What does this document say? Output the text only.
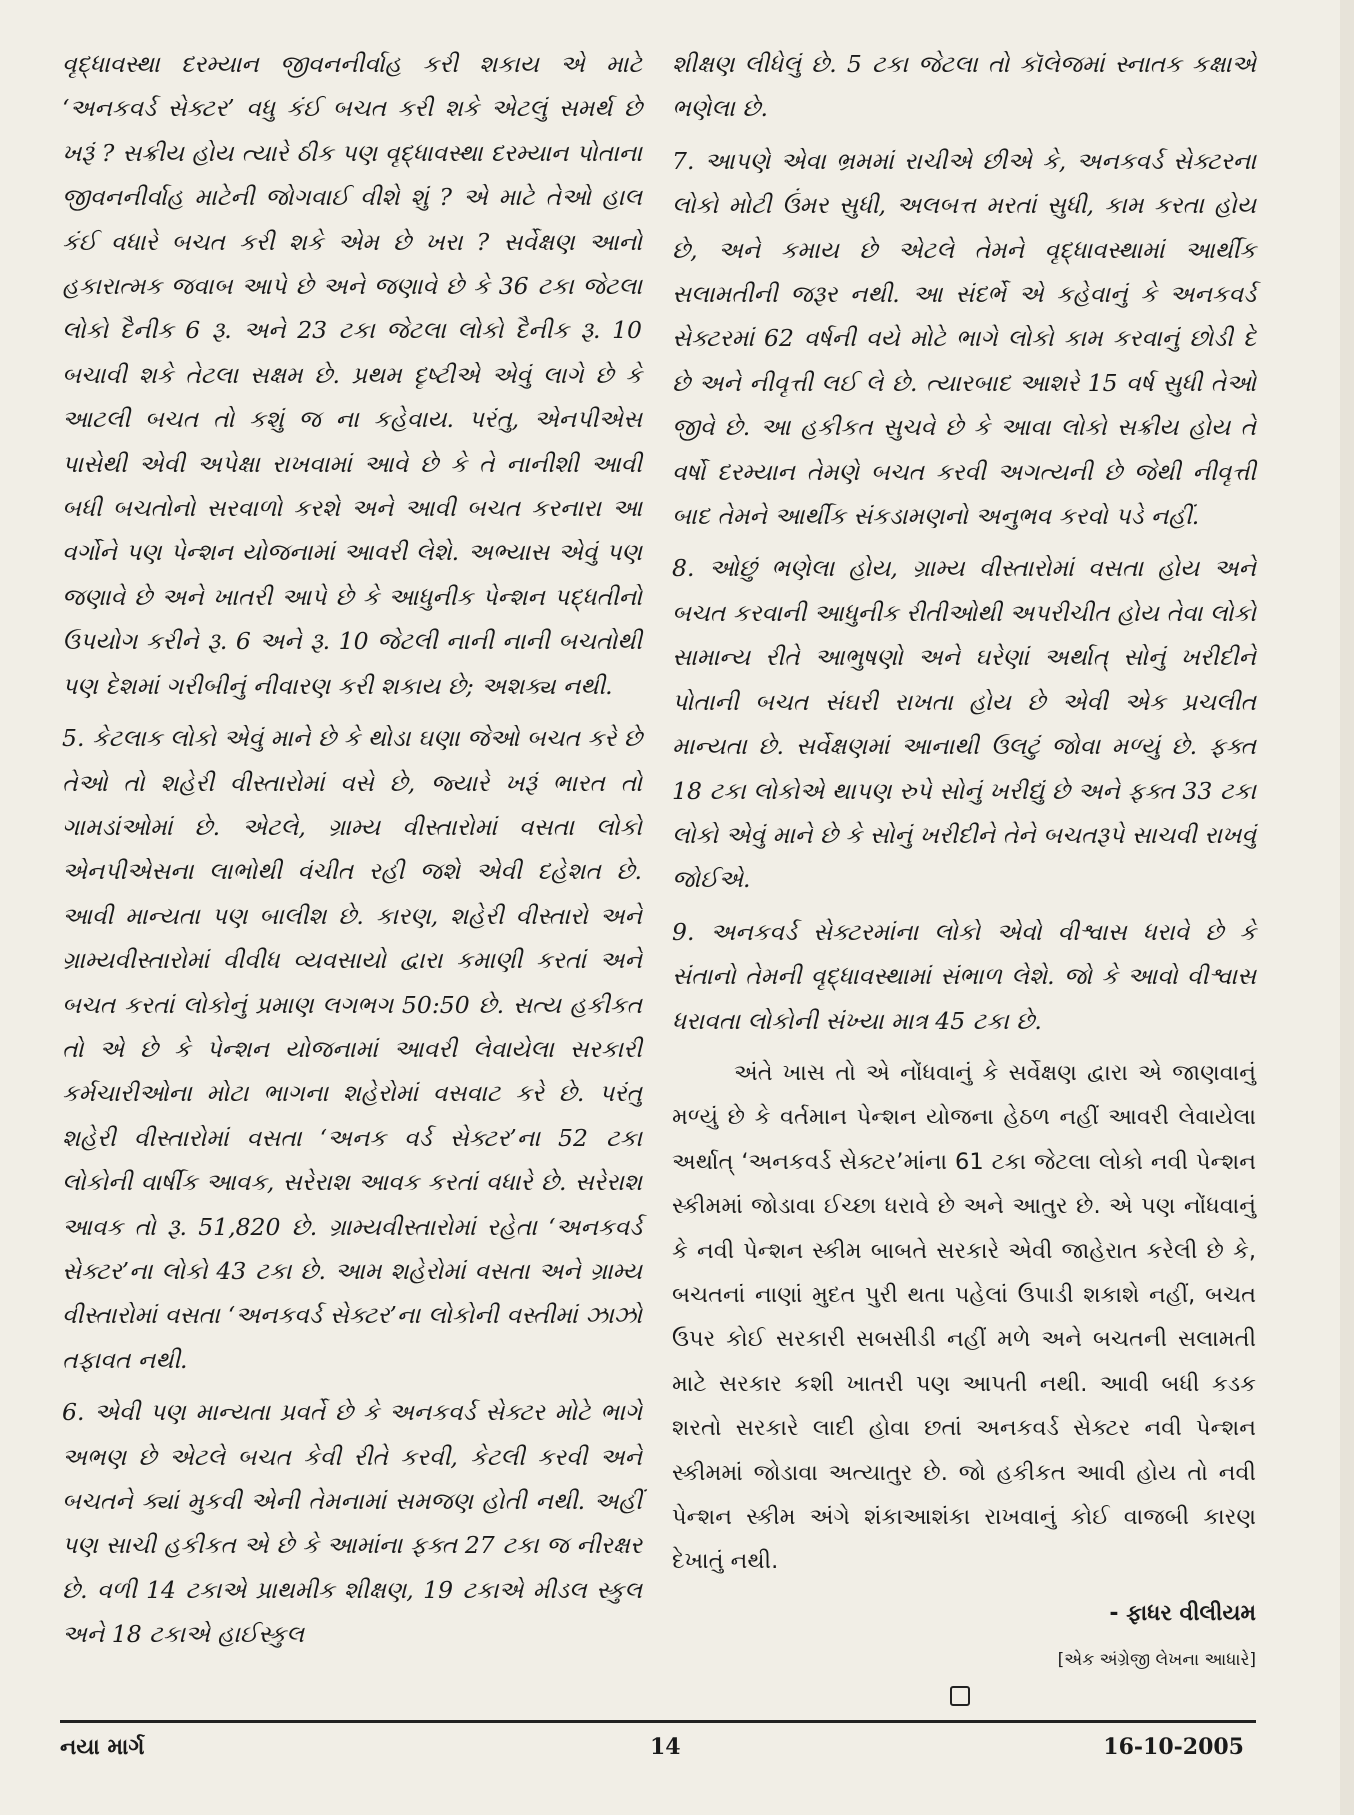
વૃદ્ધાવસ્થા દરમ્યાન જીવનનીર્વાહ કરી શકાય એ માટે ‘અનકવર્ડ સેક્ટર’ વધુ કંઈ બચત કરી શકે એટલું સમર્થ છે ખરૂં ? સક્રીય હોય ત્યારે ઠીક પણ વૃદ્ધાવસ્થા દરમ્યાન પોતાના જીવનનીર્વાહ માટેની જોગવાઈ વીશે શું ? એ માટે તેઓ હાલ કંઈ વધારે બચત કરી શકે એમ છે ખરા ? સર્વેક્ષણ આનો હકારાત્મક જવાબ આપે છે અને જણાવે છે કે 36 ટકા જેટલા લોકો દૈનીક 6 રૂ. અને 23 ટકા જેટલા લોકો દૈનીક રૂ. 10 બચાવી શકે તેટલા સક્ષમ છે. પ્રથમ દૃષ્ટીએ એવું લાગે છે કે આટલી બચત તો કશું જ ના કહેવાય. પરંતુ, એનપીએસ પાસેથી એવી અપેક્ષા રાખવામાં આવે છે કે તે નાનીશી આવી બધી બચતોનો સરવાળો કરશે અને આવી બચત કરનારા આ વર્ગોને પણ પેન્શન યોજનામાં આવરી લેશે. અભ્યાસ એવું પણ જણાવે છે અને ખાતરી આપે છે કે આધુનીક પેન્શન પદ્ધતીનો ઉપયોગ કરીને રૂ. 6 અને રૂ. 10 જેટલી નાની નાની બચતોથી પણ દેશમાં ગરીબીનું નીવારણ કરી શકાય છે; અશક્ય નથી.

5. કેટલાક લોકો એવું માને છે કે થોડા ઘણા જેઓ બચત કરે છે તેઓ તો શહેરી વીસ્તારોમાં વસે છે, જ્યારે ખરૂં ભારત તો ગામડાંઓમાં છે. એટલે, ગ્રામ્ય વીસ્તારોમાં વસતા લોકો એનપીએસના લાભોથી વંચીત રહી જશે એવી દહેશત છે. આવી માન્યતા પણ બાલીશ છે. કારણ, શહેરી વીસ્તારો અને ગ્રામ્યવીસ્તારોમાં વીવીધ વ્યવસાયો દ્વારા કમાણી કરતાં અને બચત કરતાં લોકોનું પ્રમાણ લગભગ 50:50 છે. સત્ય હકીકત તો એ છે કે પેન્શન યોજનામાં આવરી લેવાયેલા સરકારી કર્મચારીઓના મોટા ભાગના શહેરોમાં વસવાટ કરે છે. પરંતુ શહેરી વીસ્તારોમાં વસતા ‘અનક વર્ડ સેક્ટર’ના 52 ટકા લોકોની વાર્ષીક આવક, સરેરાશ આવક કરતાં વધારે છે. સરેરાશ આવક તો રૂ. 51,820 છે. ગ્રામ્યવીસ્તારોમાં રહેતા ‘અનકવર્ડ સેક્ટર’ના લોકો 43 ટકા છે. આમ શહેરોમાં વસતા અને ગ્રામ્ય વીસ્તારોમાં વસતા ‘અનકવર્ડ સેક્ટર’ના લોકોની વસ્તીમાં ઝાઝો તફાવત નથી.

6. એવી પણ માન્યતા પ્રવર્તે છે કે અનકવર્ડ સેક્ટર મોટે ભાગે અભણ છે એટલે બચત કેવી રીતે કરવી, કેટલી કરવી અને બચતને ક્યાં મુકવી એની તેમનામાં સમજણ હોતી નથી. અહીં પણ સાચી હકીકત એ છે કે આમાંના ફક્ત 27 ટકા જ નીરક્ષર છે. વળી 14 ટકાએ પ્રાથમીક શીક્ષણ, 19 ટકાએ મીડલ સ્કુલ અને 18 ટકાએ હાઈસ્કુલ

શીક્ષણ લીધેલું છે. 5 ટકા જેટલા તો કૉલેજમાં સ્નાતક કક્ષાએ ભણેલા છે.

7. આપણે એવા ભ્રમમાં રાચીએ છીએ કે, અનકવર્ડ સેક્ટરના લોકો મોટી ઉંમર સુધી, અલબત્ત મરતાં સુધી, કામ કરતા હોય છે, અને કમાય છે એટલે તેમને વૃદ્ધાવસ્થામાં આર્થીક સલામતીની જરૂર નથી. આ સંદર્ભે એ કહેવાનું કે અનકવર્ડ સેક્ટરમાં 62 વર્ષની વયે મોટે ભાગે લોકો કામ કરવાનું છોડી દે છે અને નીવૃત્તી લઈ લે છે. ત્યારબાદ આશરે 15 વર્ષ સુધી તેઓ જીવે છે. આ હકીકત સુચવે છે કે આવા લોકો સક્રીય હોય તે વર્ષો દરમ્યાન તેમણે બચત કરવી અગત્યની છે જેથી નીવૃત્તી બાદ તેમને આર્થીક સંકડામણનો અનુભવ કરવો પડે નહીં.

8. ઓછું ભણેલા હોય, ગ્રામ્ય વીસ્તારોમાં વસતા હોય અને બચત કરવાની આધુનીક રીતીઓથી અપરીચીત હોય તેવા લોકો સામાન્ય રીતે આભુષણો અને ઘરેણાં અર્થાત્ સોનું ખરીદીને પોતાની બચત સંઘરી રાખતા હોય છે એવી એક પ્રચલીત માન્યતા છે. સર્વેક્ષણમાં આનાથી ઉલટું જોવા મળ્યું છે. ફક્ત 18 ટકા લોકોએ થાપણ રુપે સોનું ખરીદ્યું છે અને ફક્ત 33 ટકા લોકો એવું માને છે કે સોનું ખરીદીને તેને બચતરૂપે સાચવી રાખવું જોઈએ.

9. અનકવર્ડ સેક્ટરમાંના લોકો એવો વીશ્વાસ ધરાવે છે કે સંતાનો તેમની વૃદ્ધાવસ્થામાં સંભાળ લેશે. જો કે આવો વીશ્વાસ ધરાવતા લોકોની સંખ્યા માત્ર 45 ટકા છે.

અંતે ખાસ તો એ નોંધવાનું કે સર્વેક્ષણ દ્વારા એ જાણવાનું મળ્યું છે કે વર્તમાન પેન્શન યોજના હેઠળ નહીં આવરી લેવાયેલા અર્થાત્ ‘અનકવર્ડ સેક્ટર’માંના 61 ટકા જેટલા લોકો નવી પેન્શન સ્કીમમાં જોડાવા ઈચ્છા ધરાવે છે અને આતુર છે. એ પણ નોંધવાનું કે નવી પેન્શન સ્કીમ બાબતે સરકારે એવી જાહેરાત કરેલી છે કે, બચતનાં નાણાં મુદત પુરી થતા પહેલાં ઉપાડી શકાશે નહીં, બચત ઉપર કોઈ સરકારી સબસીડી નહીં મળે અને બચતની સલામતી માટે સરકાર કશી ખાતરી પણ આપતી નથી. આવી બધી કડક શરતો સરકારે લાદી હોવા છતાં અનકવર્ડ સેક્ટર નવી પેન્શન સ્કીમમાં જોડાવા અત્યાતુર છે. જો હકીકત આવી હોય તો નવી પેન્શન સ્કીમ અંગે શંકાઆશંકા રાખવાનું કોઈ વાજબી કારણ દેખાતું નથી.

- ફાધર વીલીયમ

[એક અંગ્રેજી લેખના આધારે]

નયા માર્ગ	14	16-10-2005
